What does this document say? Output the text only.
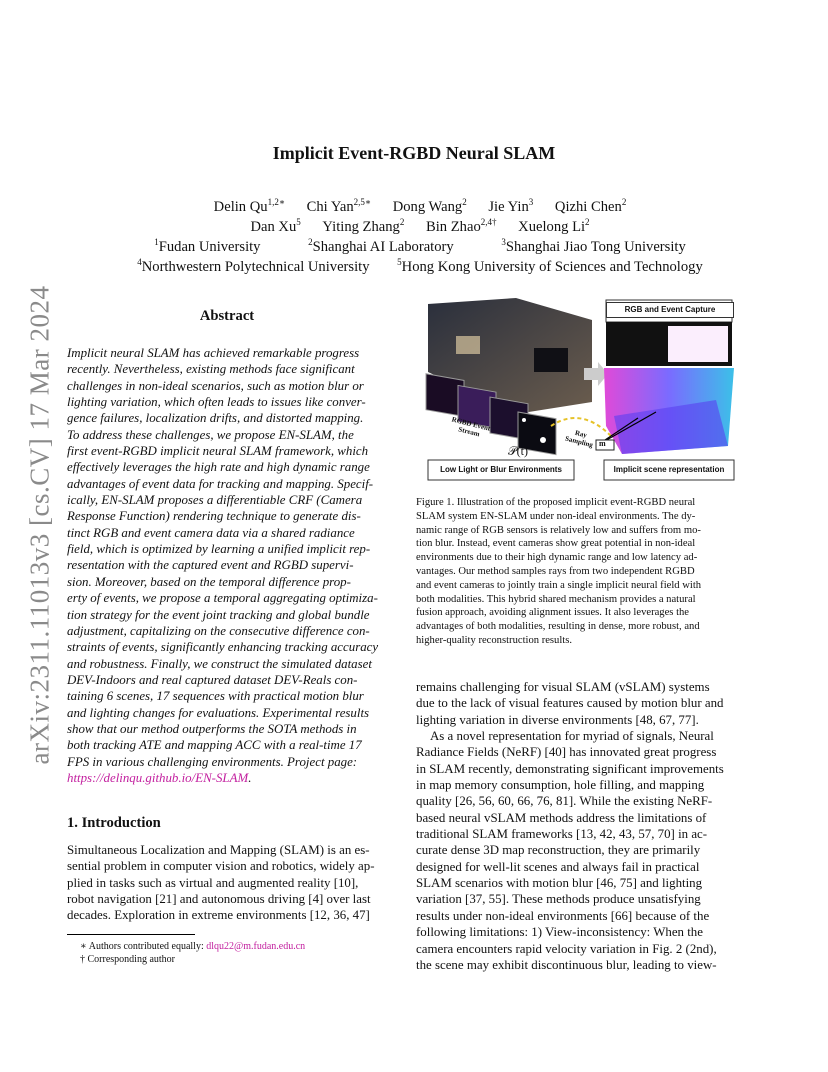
arXiv:2311.11013v3 [cs.CV] 17 Mar 2024
Implicit Event-RGBD Neural SLAM
Delin $Qu^{1,2∗}$ Chi Yan$^{2,5∗}$ Dong Wang$^2$ Jie Yin$^3$ Qizhi Chen$^2$
Dan Xu$^5$ Yiting Zhang$^2$ Bin Zhao$^{2,4\dagger}$ Xuelong Li$^2$
$^1$Fudan University	$^2$Shanghai AI Laboratory	$^3$Shanghai Jiao Tong University
$^4$Northwestern Polytechnical University	$^5$Hong Kong University of Sciences and Technology
Abstract
Implicit neural SLAM has achieved remarkable progress
recently. Nevertheless, existing methods face significant
challenges in non-ideal scenarios, such as motion blur or
lighting variation, which often leads to issues like conver-
gence failures, localization drifts, and distorted mapping.
To address these challenges, we propose EN-SLAM, the
first event-RGBD implicit neural SLAM framework, which
effectively leverages the high rate and high dynamic range
advantages of event data for tracking and mapping. Specif-
ically, EN-SLAM proposes a differentiable CRF (Camera
Response Function) rendering technique to generate dis-
tinct RGB and event camera data via a shared radiance
field, which is optimized by learning a unified implicit rep-
resentation with the captured event and RGBD supervi-
sion. Moreover, based on the temporal difference prop-
erty of events, we propose a temporal aggregating optimiza-
tion strategy for the event joint tracking and global bundle
adjustment, capitalizing on the consecutive difference con-
straints of events, significantly enhancing tracking accuracy
and robustness. Finally, we construct the simulated dataset
DEV-Indoors and real captured dataset DEV-Reals con-
taining 6 scenes, 17 sequences with practical motion blur
and lighting changes for evaluations. Experimental results
show that our method outperforms the SOTA methods in
both tracking ATE and mapping ACC with a real-time 17
FPS in various challenging environments. Project page:
https://delinqu.github.io/EN-SLAM.
1. Introduction
Simultaneous Localization and Mapping (SLAM) is an es-
sential problem in computer vision and robotics, widely ap-
plied in tasks such as virtual and augmented reality [10],
robot navigation [21] and autonomous driving [4] over last
decades. Exploration in extreme environments [12, 36, 47]
∗ Authors contributed equally: dlqu22@m.fudan.edu.cn
† Corresponding author
RGB and Event Capture
Low Light or Blur Environments	Implicit scene representation
RGBD Event Stream	Ray Sampling
𝒫(t)
m
Figure 1. Illustration of the proposed implicit event-RGBD neural
SLAM system EN-SLAM under non-ideal environments. The dy-
namic range of RGB sensors is relatively low and suffers from mo-
tion blur. Instead, event cameras show great potential in non-ideal
environments due to their high dynamic range and low latency ad-
vantages. Our method samples rays from two independent RGBD
and event cameras to jointly train a single implicit neural field with
both modalities. This hybrid shared mechanism provides a natural
fusion approach, avoiding alignment issues. It also leverages the
advantages of both modalities, resulting in dense, more robust, and
higher-quality reconstruction results.
remains challenging for visual SLAM (vSLAM) systems
due to the lack of visual features caused by motion blur and
lighting variation in diverse environments [48, 67, 77].
As a novel representation for myriad of signals, Neural
Radiance Fields (NeRF) [40] has innovated great progress
in SLAM recently, demonstrating significant improvements
in map memory consumption, hole filling, and mapping
quality [26, 56, 60, 66, 76, 81]. While the existing NeRF-
based neural vSLAM methods address the limitations of
traditional SLAM frameworks [13, 42, 43, 57, 70] in ac-
curate dense 3D map reconstruction, they are primarily
designed for well-lit scenes and always fail in practical
SLAM scenarios with motion blur [46, 75] and lighting
variation [37, 55]. These methods produce unsatisfying
results under non-ideal environments [66] because of the
following limitations: 1) View-inconsistency: When the
camera encounters rapid velocity variation in Fig. 2 (2nd),
the scene may exhibit discontinuous blur, leading to view-
